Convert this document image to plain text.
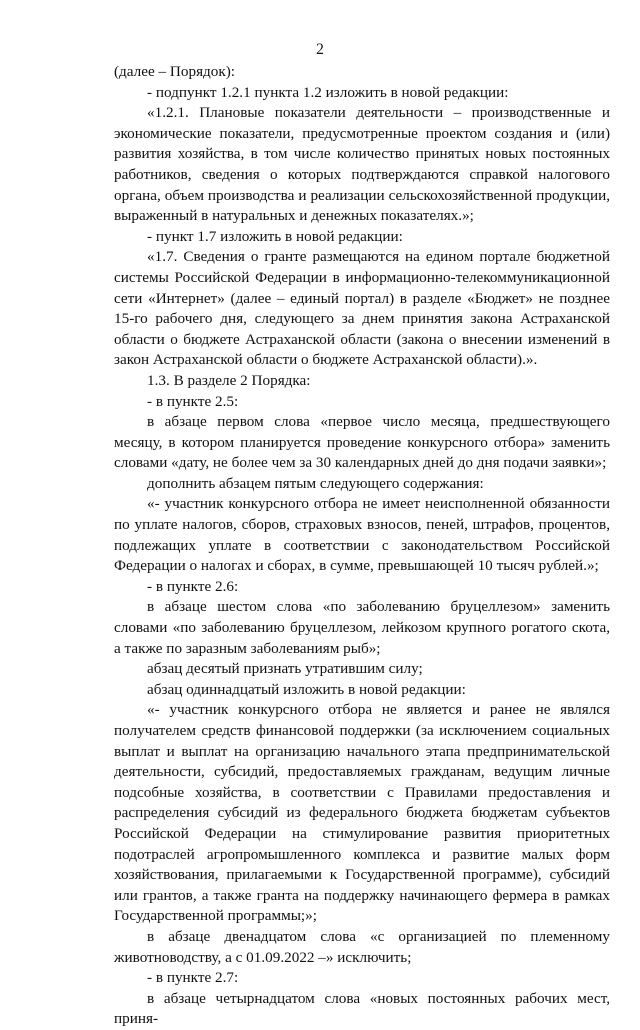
2

(далее – Порядок):

- подпункт 1.2.1 пункта 1.2 изложить в новой редакции:

«1.2.1. Плановые показатели деятельности – производственные и экономические показатели, предусмотренные проектом создания и (или) развития хозяйства, в том числе количество принятых новых постоянных работников, сведения о которых подтверждаются справкой налогового органа, объем производства и реализации сельскохозяйственной продукции, выраженный в натуральных и денежных показателях.»;

- пункт 1.7 изложить в новой редакции:

«1.7. Сведения о гранте размещаются на едином портале бюджетной системы Российской Федерации в информационно-телекоммуникационной сети «Интернет» (далее – единый портал) в разделе «Бюджет» не позднее 15-го рабочего дня, следующего за днем принятия закона Астраханской области о бюджете Астраханской области (закона о внесении изменений в закон Астраханской области о бюджете Астраханской области).».

1.3. В разделе 2 Порядка:

- в пункте 2.5:

в абзаце первом слова «первое число месяца, предшествующего месяцу, в котором планируется проведение конкурсного отбора» заменить словами «дату, не более чем за 30 календарных дней до дня подачи заявки»;

дополнить абзацем пятым следующего содержания:

«- участник конкурсного отбора не имеет неисполненной обязанности по уплате налогов, сборов, страховых взносов, пеней, штрафов, процентов, подлежащих уплате в соответствии с законодательством Российской Федерации о налогах и сборах, в сумме, превышающей 10 тысяч рублей.»;

- в пункте 2.6:

в абзаце шестом слова «по заболеванию бруцеллезом» заменить словами «по заболеванию бруцеллезом, лейкозом крупного рогатого скота, а также по заразным заболеваниям рыб»;

абзац десятый признать утратившим силу;

абзац одиннадцатый изложить в новой редакции:

«- участник конкурсного отбора не является и ранее не являлся получателем средств финансовой поддержки (за исключением социальных выплат и выплат на организацию начального этапа предпринимательской деятельности, субсидий, предоставляемых гражданам, ведущим личные подсобные хозяйства, в соответствии с Правилами предоставления и распределения субсидий из федерального бюджета бюджетам субъектов Российской Федерации на стимулирование развития приоритетных подотраслей агропромышленного комплекса и развитие малых форм хозяйствования, прилагаемыми к Государственной программе), субсидий или грантов, а также гранта на поддержку начинающего фермера в рамках Государственной программы;»;

в абзаце двенадцатом слова «с организацией по племенному животноводству, а с 01.09.2022 –» исключить;

- в пункте 2.7:

в абзаце четырнадцатом слова «новых постоянных рабочих мест, приня-
